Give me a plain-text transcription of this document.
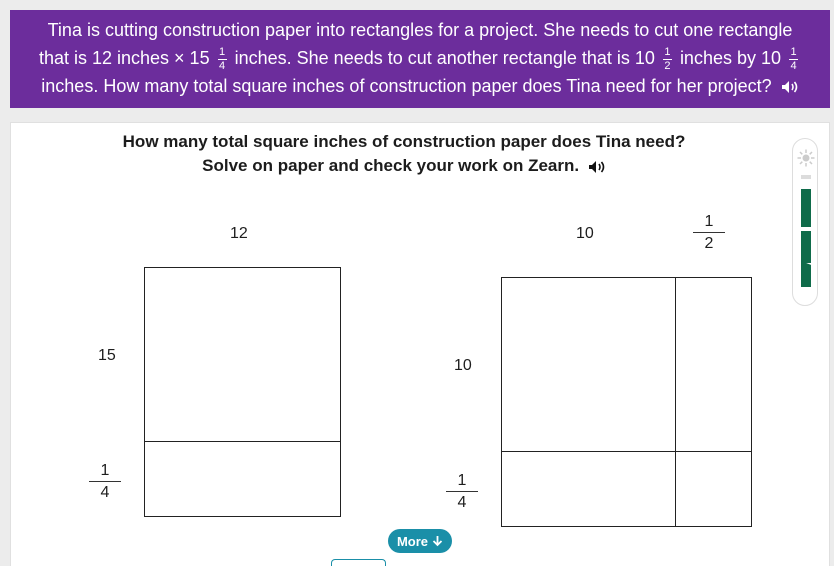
Tina is cutting construction paper into rectangles for a project. She needs to cut one rectangle
that is 12 inches × $15 \frac{1}{4}$ inches. She needs to cut another rectangle that is $10 \frac{1}{2}$ inches by $10 \frac{1}{4}$
inches. How many total square inches of construction paper does Tina need for her project?
How many total square inches of construction paper does Tina need?
Solve on paper and check your work on Zearn.
12
15
1
4
10
1
2
10
1
4
More
